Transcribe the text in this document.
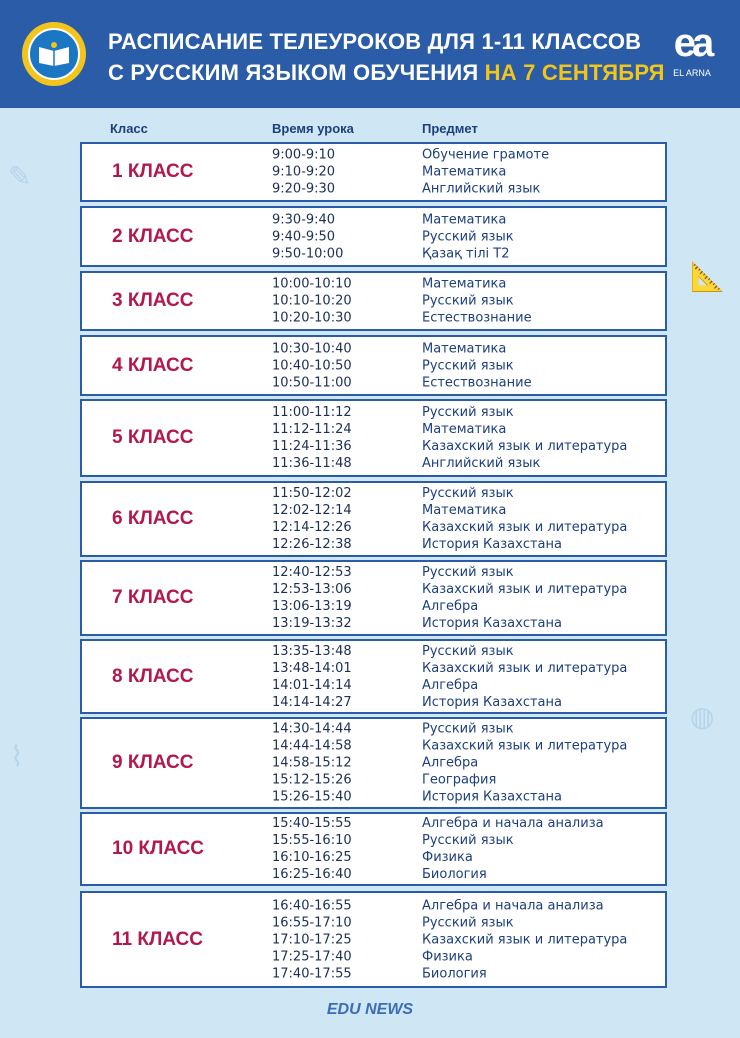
РАСПИСАНИЕ ТЕЛЕУРОКОВ ДЛЯ 1-11 КЛАССОВ
С РУССКИМ ЯЗЫКОМ ОБУЧЕНИЯ НА 7 СЕНТЯБРЯ
ea
EL ARNA
✎
📐
⌇
◍
Класс	Время урока	Предмет
1 КЛАСС
9:00-9:10
9:10-9:20
9:20-9:30
Обучение грамоте
Математика
Английский язык
2 КЛАСС
9:30-9:40
9:40-9:50
9:50-10:00
Математика
Русский язык
Қазақ тілі Т2
3 КЛАСС
10:00-10:10
10:10-10:20
10:20-10:30
Математика
Русский язык
Естествознание
4 КЛАСС
10:30-10:40
10:40-10:50
10:50-11:00
Математика
Русский язык
Естествознание
5 КЛАСС
11:00-11:12
11:12-11:24
11:24-11:36
11:36-11:48
Русский язык
Математика
Казахский язык и литература
Английский язык
6 КЛАСС
11:50-12:02
12:02-12:14
12:14-12:26
12:26-12:38
Русский язык
Математика
Казахский язык и литература
История Казахстана
7 КЛАСС
12:40-12:53
12:53-13:06
13:06-13:19
13:19-13:32
Русский язык
Казахский язык и литература
Алгебра
История Казахстана
8 КЛАСС
13:35-13:48
13:48-14:01
14:01-14:14
14:14-14:27
Русский язык
Казахский язык и литература
Алгебра
История Казахстана
9 КЛАСС
14:30-14:44
14:44-14:58
14:58-15:12
15:12-15:26
15:26-15:40
Русский язык
Казахский язык и литература
Алгебра
География
История Казахстана
10 КЛАСС
15:40-15:55
15:55-16:10
16:10-16:25
16:25-16:40
Алгебра и начала анализа
Русский язык
Физика
Биология
11 КЛАСС
16:40-16:55
16:55-17:10
17:10-17:25
17:25-17:40
17:40-17:55
Алгебра и начала анализа
Русский язык
Казахский язык и литература
Физика
Биология
EDU NEWS
